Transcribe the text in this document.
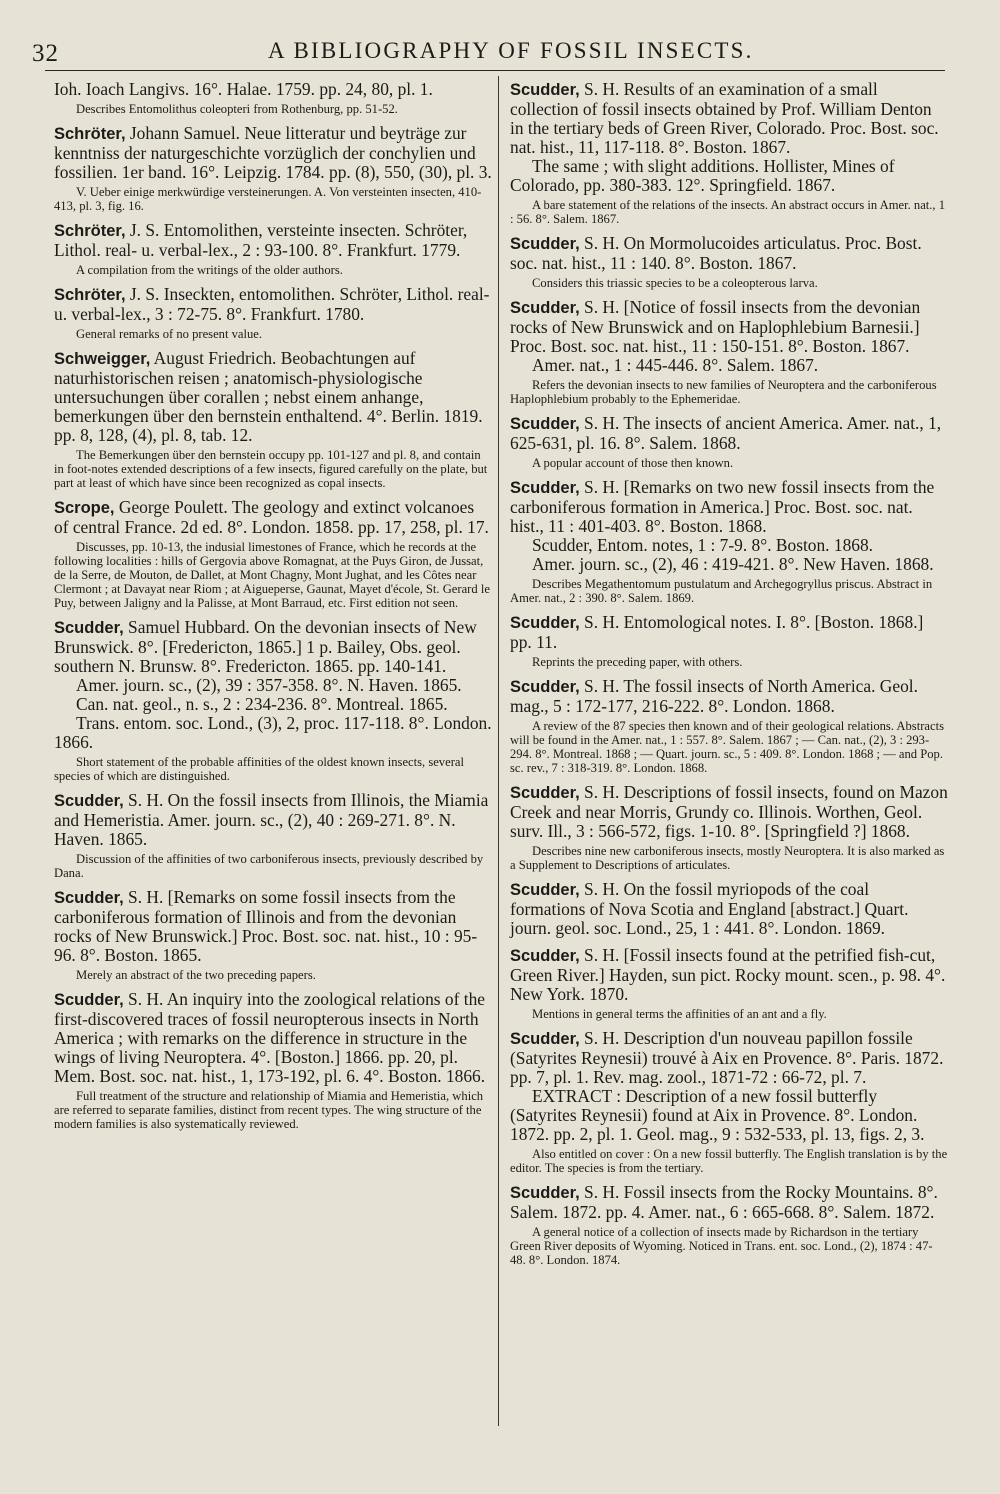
32	A BIBLIOGRAPHY OF FOSSIL INSECTS.

Ioh. Ioach Langivs. 16°. Halae. 1759. pp. 24, 80, pl. 1.

Describes Entomolithus coleopteri from Rothenburg, pp. 51-52.

Schröter, Johann Samuel. Neue litteratur und beyträge zur kenntniss der naturgeschichte vorzüglich der conchylien und fossilien. 1er band. 16°. Leipzig. 1784. pp. (8), 550, (30), pl. 3.

V. Ueber einige merkwürdige versteinerungen. A. Von versteinten insecten, 410-413, pl. 3, fig. 16.

Schröter, J. S. Entomolithen, versteinte insecten. Schröter, Lithol. real- u. verbal-lex., 2 : 93-100. 8°. Frankfurt. 1779.

A compilation from the writings of the older authors.

Schröter, J. S. Inseckten, entomolithen. Schröter, Lithol. real- u. verbal-lex., 3 : 72-75. 8°. Frankfurt. 1780.

General remarks of no present value.

Schweigger, August Friedrich. Beobachtungen auf naturhistorischen reisen ; anatomisch-physiologische untersuchungen über corallen ; nebst einem anhange, bemerkungen über den bernstein enthaltend. 4°. Berlin. 1819. pp. 8, 128, (4), pl. 8, tab. 12.

The Bemerkungen über den bernstein occupy pp. 101-127 and pl. 8, and contain in foot-notes extended descriptions of a few insects, figured carefully on the plate, but part at least of which have since been recognized as copal insects.

Scrope, George Poulett. The geology and extinct volcanoes of central France. 2d ed. 8°. London. 1858. pp. 17, 258, pl. 17.

Discusses, pp. 10-13, the indusial limestones of France, which he records at the following localities : hills of Gergovia above Romagnat, at the Puys Giron, de Jussat, de la Serre, de Mouton, de Dallet, at Mont Chagny, Mont Jughat, and les Côtes near Clermont ; at Davayat near Riom ; at Aigueperse, Gaunat, Mayet d'école, St. Gerard le Puy, between Jaligny and la Palisse, at Mont Barraud, etc. First edition not seen.

Scudder, Samuel Hubbard. On the devonian insects of New Brunswick. 8°. [Fredericton, 1865.] 1 p. Bailey, Obs. geol. southern N. Brunsw. 8°. Fredericton. 1865. pp. 140-141.

Amer. journ. sc., (2), 39 : 357-358. 8°. N. Haven. 1865.

Can. nat. geol., n. s., 2 : 234-236. 8°. Montreal. 1865.

Trans. entom. soc. Lond., (3), 2, proc. 117-118. 8°. London. 1866.

Short statement of the probable affinities of the oldest known insects, several species of which are distinguished.

Scudder, S. H. On the fossil insects from Illinois, the Miamia and Hemeristia. Amer. journ. sc., (2), 40 : 269-271. 8°. N. Haven. 1865.

Discussion of the affinities of two carboniferous insects, previously described by Dana.

Scudder, S. H. [Remarks on some fossil insects from the carboniferous formation of Illinois and from the devonian rocks of New Brunswick.] Proc. Bost. soc. nat. hist., 10 : 95-96. 8°. Boston. 1865.

Merely an abstract of the two preceding papers.

Scudder, S. H. An inquiry into the zoological relations of the first-discovered traces of fossil neuropterous insects in North America ; with remarks on the difference in structure in the wings of living Neuroptera. 4°. [Boston.] 1866. pp. 20, pl. Mem. Bost. soc. nat. hist., 1, 173-192, pl. 6. 4°. Boston. 1866.

Full treatment of the structure and relationship of Miamia and Hemeristia, which are referred to separate families, distinct from recent types. The wing structure of the modern families is also systematically reviewed.

Scudder, S. H. Results of an examination of a small collection of fossil insects obtained by Prof. William Denton in the tertiary beds of Green River, Colorado. Proc. Bost. soc. nat. hist., 11, 117-118. 8°. Boston. 1867.

The same ; with slight additions. Hollister, Mines of Colorado, pp. 380-383. 12°. Springfield. 1867.

A bare statement of the relations of the insects. An abstract occurs in Amer. nat., 1 : 56. 8°. Salem. 1867.

Scudder, S. H. On Mormolucoides articulatus. Proc. Bost. soc. nat. hist., 11 : 140. 8°. Boston. 1867.

Considers this triassic species to be a coleopterous larva.

Scudder, S. H. [Notice of fossil insects from the devonian rocks of New Brunswick and on Haplophlebium Barnesii.] Proc. Bost. soc. nat. hist., 11 : 150-151. 8°. Boston. 1867.

Amer. nat., 1 : 445-446. 8°. Salem. 1867.

Refers the devonian insects to new families of Neuroptera and the carboniferous Haplophlebium probably to the Ephemeridae.

Scudder, S. H. The insects of ancient America. Amer. nat., 1, 625-631, pl. 16. 8°. Salem. 1868.

A popular account of those then known.

Scudder, S. H. [Remarks on two new fossil insects from the carboniferous formation in America.] Proc. Bost. soc. nat. hist., 11 : 401-403. 8°. Boston. 1868.

Scudder, Entom. notes, 1 : 7-9. 8°. Boston. 1868.

Amer. journ. sc., (2), 46 : 419-421. 8°. New Haven. 1868.

Describes Megathentomum pustulatum and Archegogryllus priscus. Abstract in Amer. nat., 2 : 390. 8°. Salem. 1869.

Scudder, S. H. Entomological notes. I. 8°. [Boston. 1868.] pp. 11.

Reprints the preceding paper, with others.

Scudder, S. H. The fossil insects of North America. Geol. mag., 5 : 172-177, 216-222. 8°. London. 1868.

A review of the 87 species then known and of their geological relations. Abstracts will be found in the Amer. nat., 1 : 557. 8°. Salem. 1867 ; — Can. nat., (2), 3 : 293-294. 8°. Montreal. 1868 ; — Quart. journ. sc., 5 : 409. 8°. London. 1868 ; — and Pop. sc. rev., 7 : 318-319. 8°. London. 1868.

Scudder, S. H. Descriptions of fossil insects, found on Mazon Creek and near Morris, Grundy co. Illinois. Worthen, Geol. surv. Ill., 3 : 566-572, figs. 1-10. 8°. [Springfield ?] 1868.

Describes nine new carboniferous insects, mostly Neuroptera. It is also marked as a Supplement to Descriptions of articulates.

Scudder, S. H. On the fossil myriopods of the coal formations of Nova Scotia and England [abstract.] Quart. journ. geol. soc. Lond., 25, 1 : 441. 8°. London. 1869.

Scudder, S. H. [Fossil insects found at the petrified fish-cut, Green River.] Hayden, sun pict. Rocky mount. scen., p. 98. 4°. New York. 1870.

Mentions in general terms the affinities of an ant and a fly.

Scudder, S. H. Description d'un nouveau papillon fossile (Satyrites Reynesii) trouvé à Aix en Provence. 8°. Paris. 1872. pp. 7, pl. 1. Rev. mag. zool., 1871-72 : 66-72, pl. 7.

EXTRACT : Description of a new fossil butterfly (Satyrites Reynesii) found at Aix in Provence. 8°. London. 1872. pp. 2, pl. 1. Geol. mag., 9 : 532-533, pl. 13, figs. 2, 3.

Also entitled on cover : On a new fossil butterfly. The English translation is by the editor. The species is from the tertiary.

Scudder, S. H. Fossil insects from the Rocky Mountains. 8°. Salem. 1872. pp. 4. Amer. nat., 6 : 665-668. 8°. Salem. 1872.

A general notice of a collection of insects made by Richardson in the tertiary Green River deposits of Wyoming. Noticed in Trans. ent. soc. Lond., (2), 1874 : 47-48. 8°. London. 1874.
